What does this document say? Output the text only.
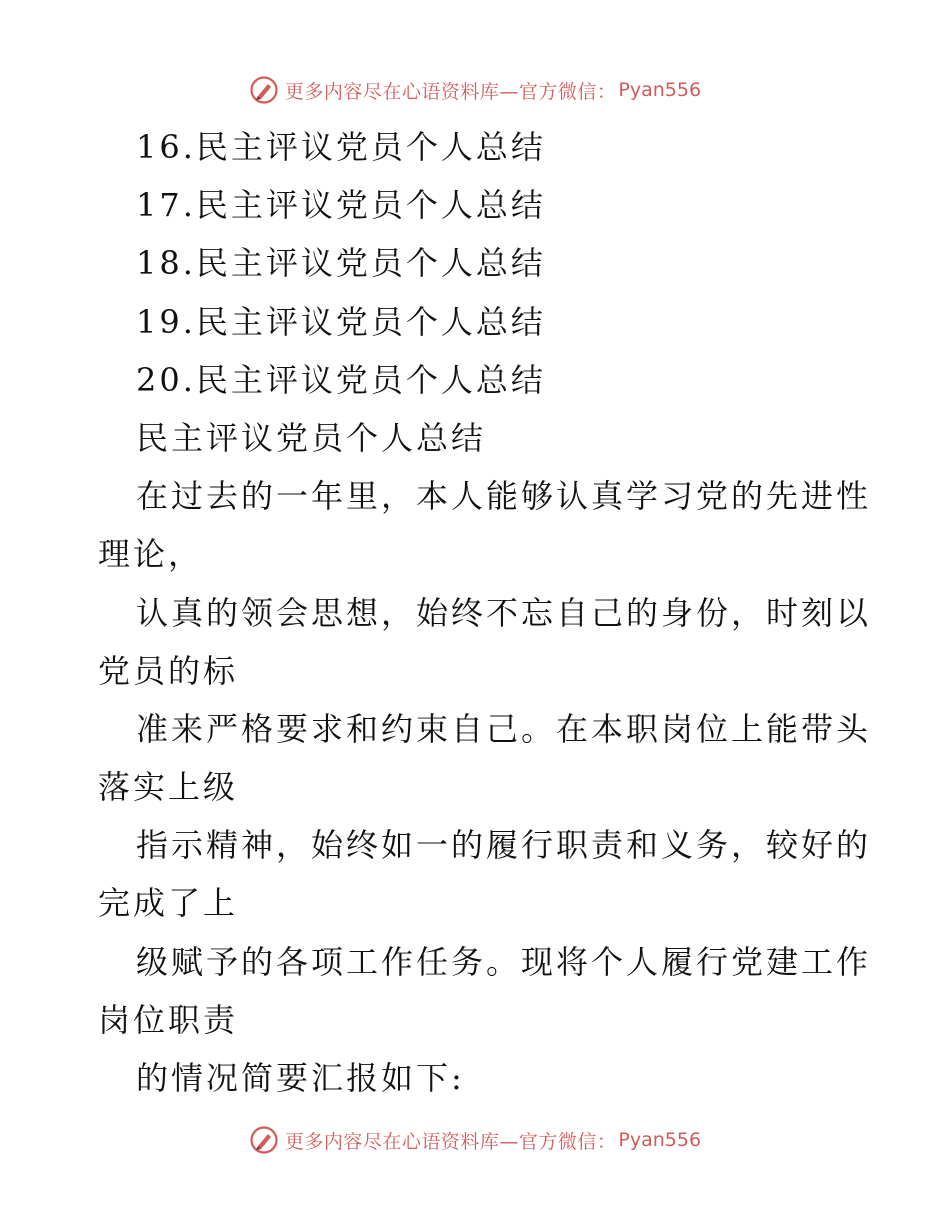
更多内容尽在心语资料库—官方微信： Pyan556

16.民主评议党员个人总结

17.民主评议党员个人总结

18.民主评议党员个人总结

19.民主评议党员个人总结

20.民主评议党员个人总结

民主评议党员个人总结

在过去的一年里，本人能够认真学习党的先进性

理论，

认真的领会思想，始终不忘自己的身份，时刻以

党员的标

准来严格要求和约束自己。在本职岗位上能带头

落实上级

指示精神，始终如一的履行职责和义务，较好的

完成了上

级赋予的各项工作任务。现将个人履行党建工作

岗位职责

的情况简要汇报如下:

更多内容尽在心语资料库—官方微信： Pyan556
